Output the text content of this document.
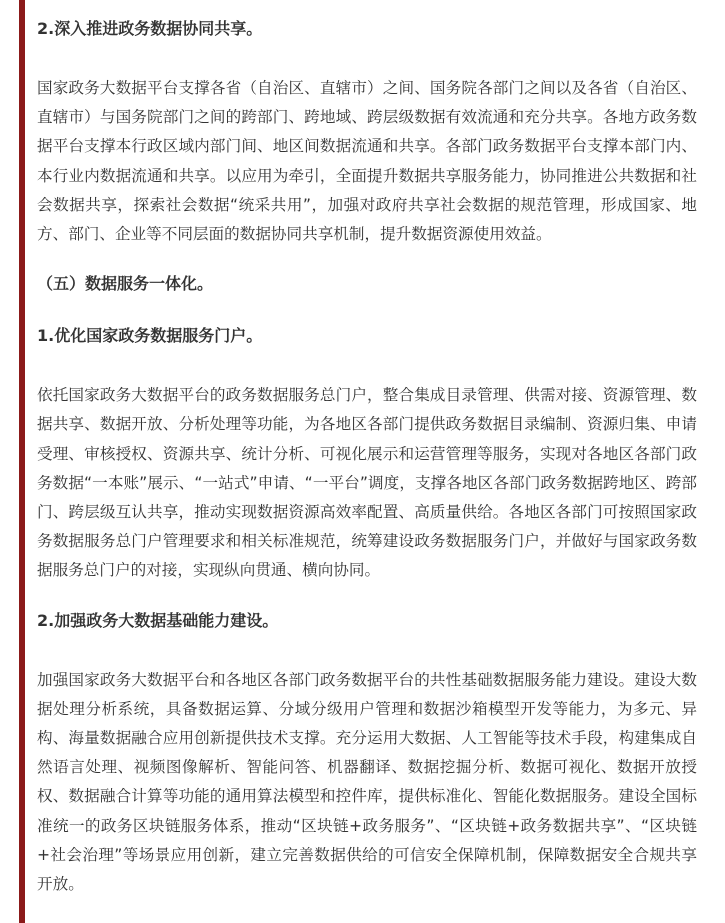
2.深入推进政务数据协同共享。

国家政务大数据平台支撑各省（自治区、直辖市）之间、国务院各部门之间以及各省（自治区、直辖市）与国务院部门之间的跨部门、跨地域、跨层级数据有效流通和充分共享。各地方政务数据平台支撑本行政区域内部门间、地区间数据流通和共享。各部门政务数据平台支撑本部门内、本行业内数据流通和共享。以应用为牵引，全面提升数据共享服务能力，协同推进公共数据和社会数据共享，探索社会数据“统采共用”，加强对政府共享社会数据的规范管理，形成国家、地方、部门、企业等不同层面的数据协同共享机制，提升数据资源使用效益。

（五）数据服务一体化。
1.优化国家政务数据服务门户。

依托国家政务大数据平台的政务数据服务总门户，整合集成目录管理、供需对接、资源管理、数据共享、数据开放、分析处理等功能，为各地区各部门提供政务数据目录编制、资源归集、申请受理、审核授权、资源共享、统计分析、可视化展示和运营管理等服务，实现对各地区各部门政务数据“一本账”展示、“一站式”申请、“一平台”调度，支撑各地区各部门政务数据跨地区、跨部门、跨层级互认共享，推动实现数据资源高效率配置、高质量供给。各地区各部门可按照国家政务数据服务总门户管理要求和相关标准规范，统筹建设政务数据服务门户，并做好与国家政务数据服务总门户的对接，实现纵向贯通、横向协同。

2.加强政务大数据基础能力建设。

加强国家政务大数据平台和各地区各部门政务数据平台的共性基础数据服务能力建设。建设大数据处理分析系统，具备数据运算、分域分级用户管理和数据沙箱模型开发等能力，为多元、异构、海量数据融合应用创新提供技术支撑。充分运用大数据、人工智能等技术手段，构建集成自然语言处理、视频图像解析、智能问答、机器翻译、数据挖掘分析、数据可视化、数据开放授权、数据融合计算等功能的通用算法模型和控件库，提供标准化、智能化数据服务。建设全国标准统一的政务区块链服务体系，推动“区块链+政务服务”、“区块链+政务数据共享”、“区块链+社会治理”等场景应用创新，建立完善数据供给的可信安全保障机制，保障数据安全合规共享开放。
